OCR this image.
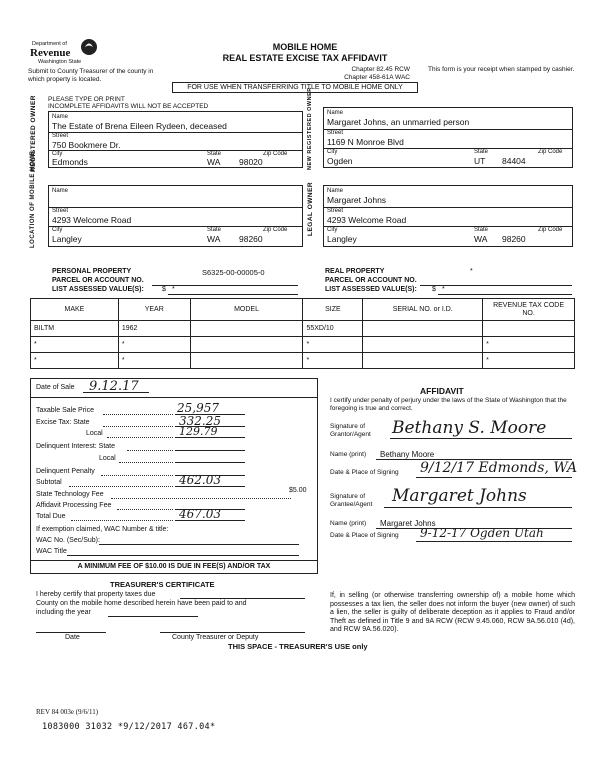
Department of
Revenue
Washington State
Submit to County Treasurer of the county in which property is located.
MOBILE HOME
REAL ESTATE EXCISE TAX AFFIDAVIT
Chapter 82.45 RCW
Chapter 458-61A WAC
This form is your receipt when stamped by cashier.
FOR USE WHEN TRANSFERRING TITLE TO MOBILE HOME ONLY
PLEASE TYPE OR PRINT
INCOMPLETE AFFIDAVITS WILL NOT BE ACCEPTED
REGISTERED OWNER	Name
The Estate of Brena Eileen Rydeen, deceased
Street
750 Bookmere Dr.
City	State	Zip Code
Edmonds	WA 98020	NEW REGISTERED OWNER Name
Margaret Johns, an unmarried person
Street
1169 N Monroe Blvd
City	State	Zip Code
Ogden	UT 84404
LOCATION OF MOBILE HOME	Name
Street
4293 Welcome Road
City	State	Zip Code
Langley	WA 98260
LEGAL OWNER Name
Margaret Johns
Street
4293 Welcome Road
City	State	Zip Code
Langley	WA 98260
PERSONAL PROPERTY
PARCEL OR ACCOUNT NO.
LIST ASSESSED VALUE(S):
S6325-00-00005-0
$ *
REAL PROPERTY	*
PARCEL OR ACCOUNT NO.
LIST ASSESSED VALUE(S): $ *
MAKE	YEAR	MODEL	SIZE	SERIAL NO. or I.D.	REVENUE TAX CODE NO.
BILTM	1962		55XD/10		
*	*		*		*
*	*		*		*
Date of Sale 9.12.17
Taxable Sale Price	25,957
Excise Tax: State	332.25
Local	129.79
Delinquent Interest: State
Local
Delinquent Penalty
Subtotal	462.03
State Technology Fee
$5.00
Affidavit Processing Fee
Total Due	467.03
If exemption claimed, WAC Number & title:
WAC No. (Sec/Sub):
WAC Title
A MINIMUM FEE OF $10.00 IS DUE IN FEE(S) AND/OR TAX
AFFIDAVIT
I certify under penalty of perjury under the laws of the State of Washington that the foregoing is true and correct.
Signature of Grantor/Agent	Bethany S. Moore
Name (print) Bethany Moore
Date & Place of Signing 9/12/17 Edmonds, WA
Signature of Grantee/Agent	Margaret Johns
Name (print) Margaret Johns
Date & Place of Signing 9-12-17 Ogden Utah
TREASURER'S CERTIFICATE
I hereby certify that property taxes due
County on the mobile home described herein have been paid to and
including the year
Date	County Treasurer or Deputy
THIS SPACE - TREASURER'S USE only
If, in selling (or otherwise transferring ownership of) a mobile home which possesses a tax lien, the seller does not inform the buyer (new owner) of such a lien, the seller is guilty of deliberate deception as it applies to Fraud and/or Theft as defined in Title 9 and 9A RCW (RCW 9.45.060, RCW 9A.56.010 (4d), and RCW 9A.56.020).
REV 84 003e (9/6/11)
1083000 31032 *9/12/2017 467.04*
